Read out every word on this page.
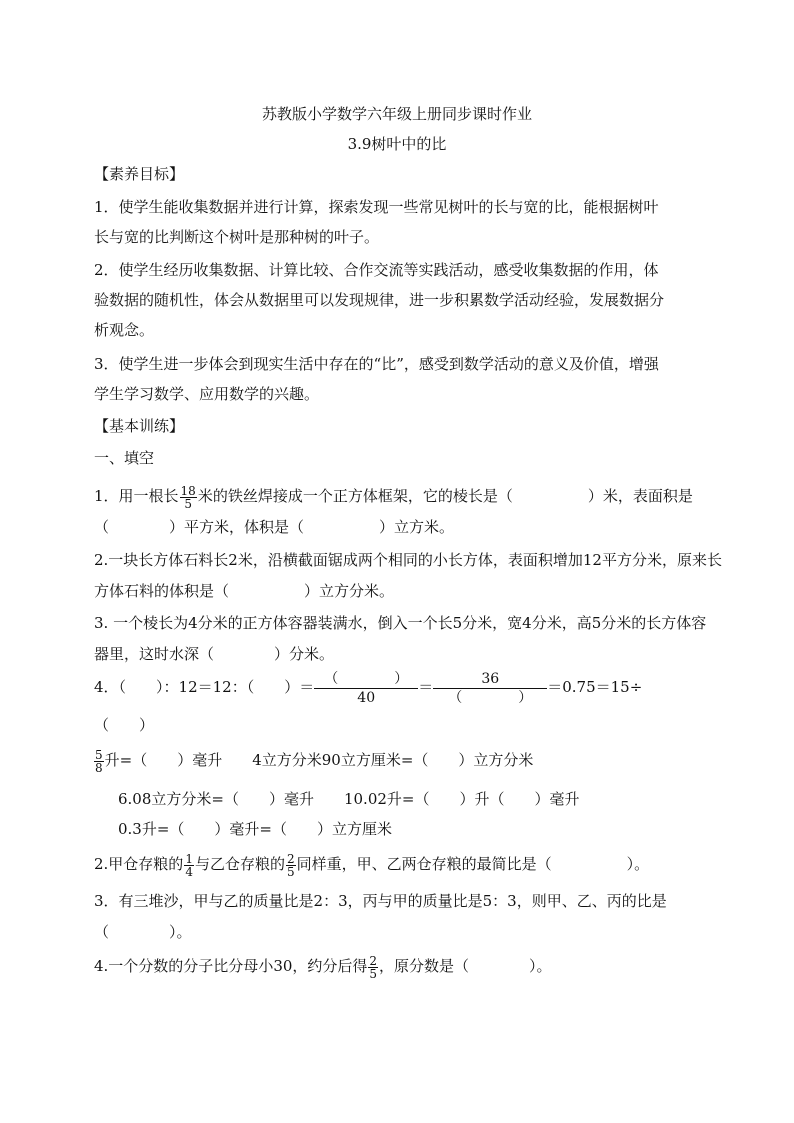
苏教版小学数学六年级上册同步课时作业
3.9树叶中的比
【素养目标】
1．使学生能收集数据并进行计算，探索发现一些常见树叶的长与宽的比，能根据树叶
长与宽的比判断这个树叶是那种树的叶子。
2．使学生经历收集数据、计算比较、合作交流等实践活动，感受收集数据的作用，体
验数据的随机性，体会从数据里可以发现规律，进一步积累数学活动经验，发展数据分
析观念。
3．使学生进一步体会到现实生活中存在的“比”，感受到数学活动的意义及价值，增强
学生学习数学、应用数学的兴趣。
【基本训练】
一、填空
1．用一根长 $\frac{18}{5}$ 米的铁丝焊接成一个正方体框架，它的棱长是（　　　　　）米，表面积是
（　　　　）平方米，体积是（　　　　　）立方米。
2.一块长方体石料长2米，沿横截面锯成两个相同的小长方体，表面积增加12平方分米，原来长
方体石料的体积是（　　　　　）立方分米。
3. 一个棱长为4分米的正方体容器装满水，倒入一个长5分米，宽4分米，高5分米的长方体容
器里，这时水深（　　　　）分米。
4．（　　）：12＝12：（　　）＝ $\frac{( )}{40} = \frac{36}{( )} =0.75=15\div$
（　　）
$\frac{5}{8}$ 升=（　　）毫升　　4立方分米90立方厘米=（　　）立方分米
6.08立方分米=（　　）毫升　　10.02升=（　　）升（　　）毫升
0.3升=（　　）毫升=（　　）立方厘米
2.甲仓存粮的 $\frac{1}{4}$ 与乙仓存粮的 $\frac{2}{5}$ 同样重，甲、乙两仓存粮的最简比是（　　　　　）。
3．有三堆沙，甲与乙的质量比是2：3，丙与甲的质量比是5：3，则甲、乙、丙的比是
（　　　　）。
4.一个分数的分子比分母小30，约分后得 $\frac{2}{5}$ ，原分数是（　　　　）。
